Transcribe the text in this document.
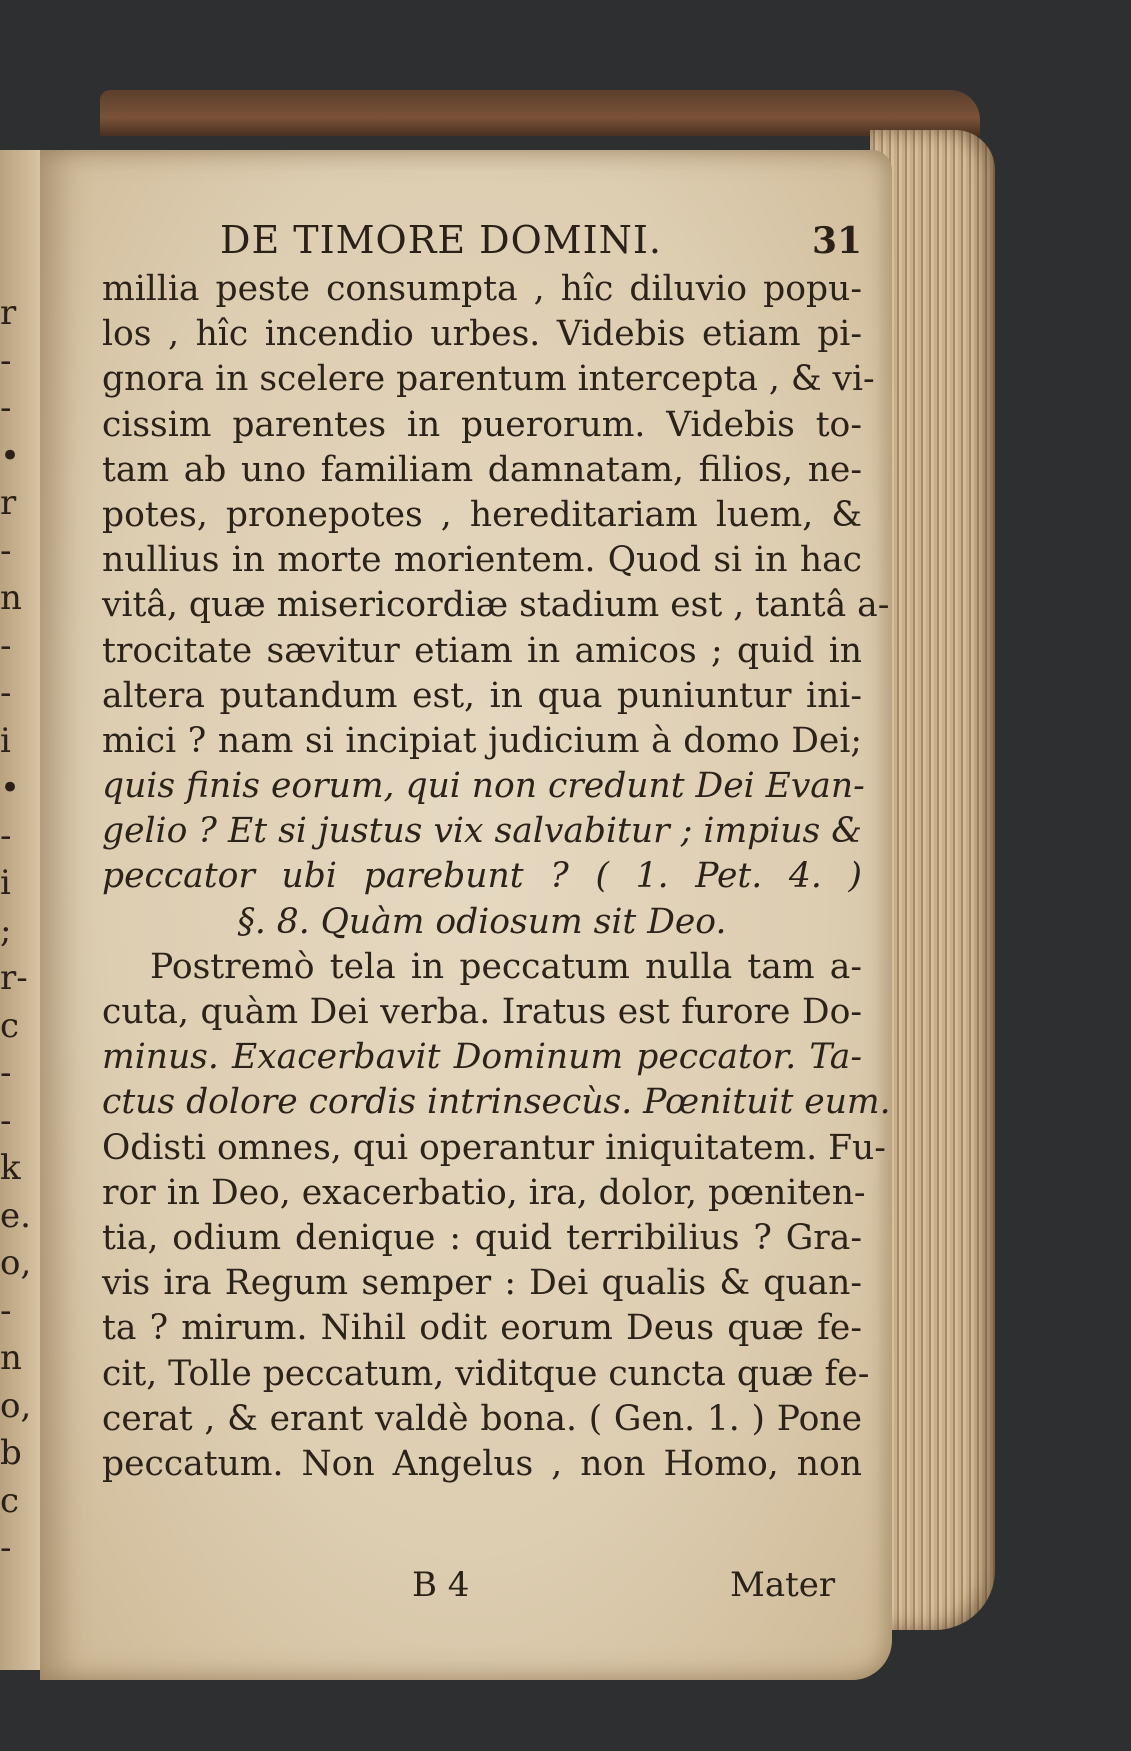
r
-
-
•
r
-
n
-
-
i
•
-
i
;
r-
c
-
-
k
e.
o,
-
n
o,
b
c
-
DE TIMORE DOMINI.	31
millia peste consumpta , hîc diluvio popu-
los , hîc incendio urbes. Videbis etiam pi-
gnora in scelere parentum intercepta , & vi-
cissim parentes in puerorum. Videbis to-
tam ab uno familiam damnatam, filios, ne-
potes, pronepotes , hereditariam luem, &
nullius in morte morientem. Quod si in hac
vitâ, quæ misericordiæ stadium est , tantâ a-
trocitate sævitur etiam in amicos ; quid in
altera putandum est, in qua puniuntur ini-
mici ? nam si incipiat judicium à domo Dei;
quis finis eorum, qui non credunt Dei Evan-
gelio ? Et si justus vix salvabitur ; impius &
peccator ubi parebunt ? ( 1. Pet. 4. )
§. 8. Quàm odiosum sit Deo.
Postremò tela in peccatum nulla tam a-
cuta, quàm Dei verba. Iratus est furore Do-
minus. Exacerbavit Dominum peccator. Ta-
ctus dolore cordis intrinsecùs. Pœnituit eum.
Odisti omnes, qui operantur iniquitatem. Fu-
ror in Deo, exacerbatio, ira, dolor, pœniten-
tia, odium denique : quid terribilius ? Gra-
vis ira Regum semper : Dei qualis & quan-
ta ? mirum. Nihil odit eorum Deus quæ fe-
cit, Tolle peccatum, viditque cuncta quæ fe-
cerat , & erant valdè bona. ( Gen. 1. ) Pone
peccatum. Non Angelus , non Homo, non
B 4	Mater
